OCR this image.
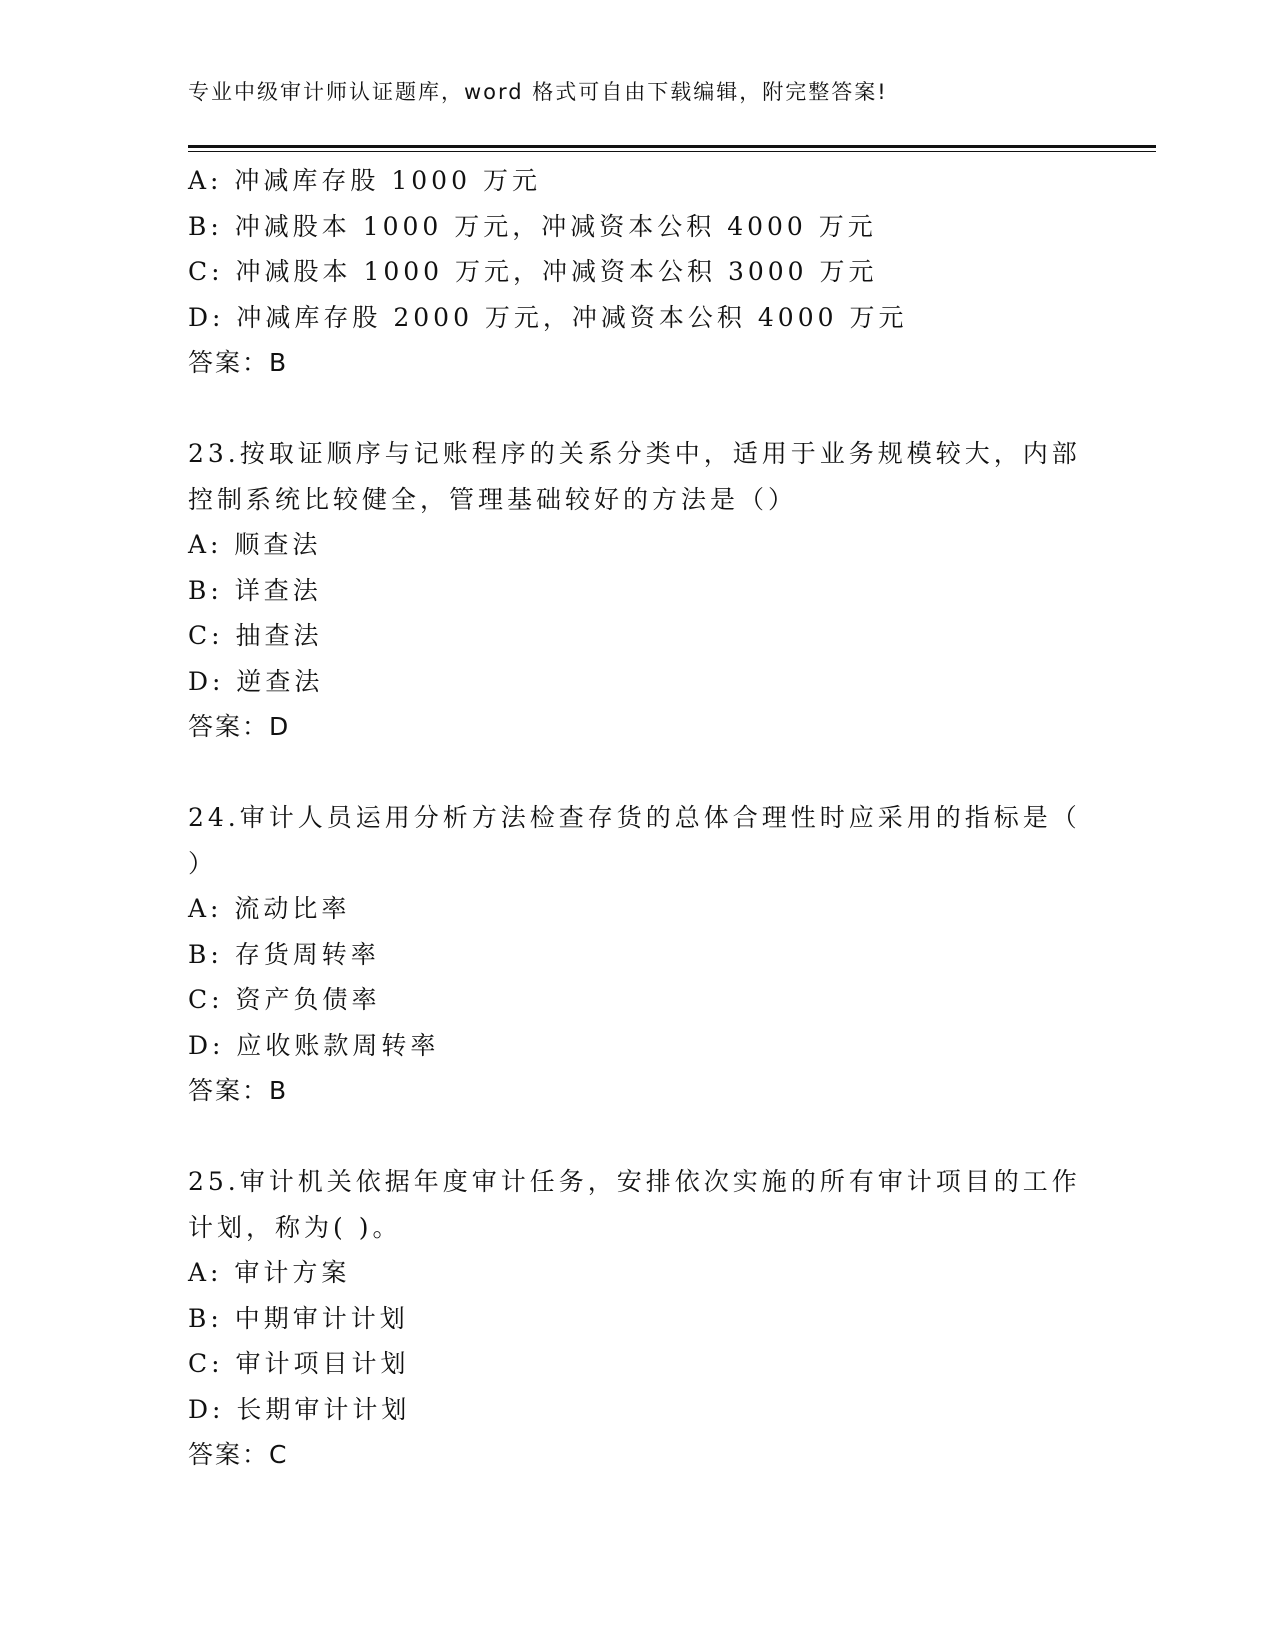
专业中级审计师认证题库，word 格式可自由下载编辑，附完整答案!
A: 冲减库存股 1000 万元
B: 冲减股本 1000 万元，冲减资本公积 4000 万元
C: 冲减股本 1000 万元，冲减资本公积 3000 万元
D: 冲减库存股 2000 万元，冲减资本公积 4000 万元
答案：B
23.按取证顺序与记账程序的关系分类中，适用于业务规模较大，内部
控制系统比较健全，管理基础较好的方法是（）
A: 顺查法
B: 详查法
C: 抽查法
D: 逆查法
答案：D
24.审计人员运用分析方法检查存货的总体合理性时应采用的指标是（
）
A: 流动比率
B: 存货周转率
C: 资产负债率
D: 应收账款周转率
答案：B
25.审计机关依据年度审计任务，安排依次实施的所有审计项目的工作
计划，称为( )。
A: 审计方案
B: 中期审计计划
C: 审计项目计划
D: 长期审计计划
答案：C
